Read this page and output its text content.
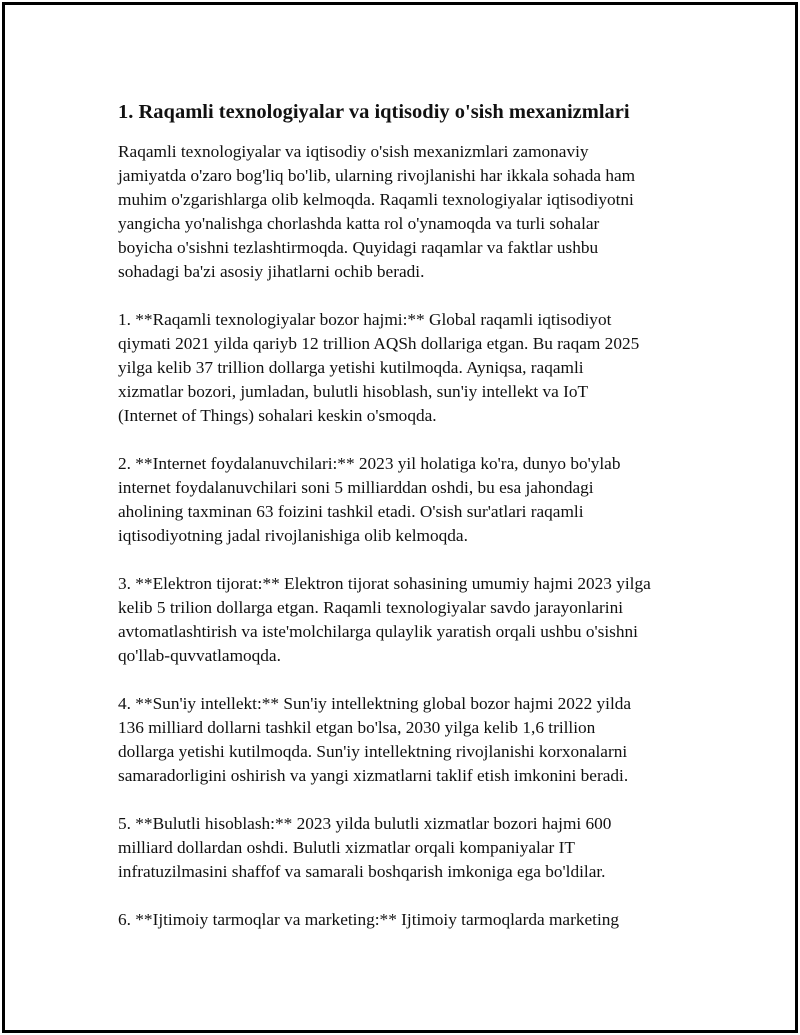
1. Raqamli texnologiyalar va iqtisodiy o'sish mexanizmlari

Raqamli texnologiyalar va iqtisodiy o'sish mexanizmlari zamonaviy
jamiyatda o'zaro bog'liq bo'lib, ularning rivojlanishi har ikkala sohada ham
muhim o'zgarishlarga olib kelmoqda. Raqamli texnologiyalar iqtisodiyotni
yangicha yo'nalishga chorlashda katta rol o'ynamoqda va turli sohalar
boyicha o'sishni tezlashtirmoqda. Quyidagi raqamlar va faktlar ushbu
sohadagi ba'zi asosiy jihatlarni ochib beradi.

1. **Raqamli texnologiyalar bozor hajmi:** Global raqamli iqtisodiyot
qiymati 2021 yilda qariyb 12 trillion AQSh dollariga etgan. Bu raqam 2025
yilga kelib 37 trillion dollarga yetishi kutilmoqda. Ayniqsa, raqamli
xizmatlar bozori, jumladan, bulutli hisoblash, sun'iy intellekt va IoT
(Internet of Things) sohalari keskin o'smoqda.

2. **Internet foydalanuvchilari:** 2023 yil holatiga ko'ra, dunyo bo'ylab
internet foydalanuvchilari soni 5 milliarddan oshdi, bu esa jahondagi
aholining taxminan 63 foizini tashkil etadi. O'sish sur'atlari raqamli
iqtisodiyotning jadal rivojlanishiga olib kelmoqda.

3. **Elektron tijorat:** Elektron tijorat sohasining umumiy hajmi 2023 yilga
kelib 5 trilion dollarga etgan. Raqamli texnologiyalar savdo jarayonlarini
avtomatlashtirish va iste'molchilarga qulaylik yaratish orqali ushbu o'sishni
qo'llab-quvvatlamoqda.

4. **Sun'iy intellekt:** Sun'iy intellektning global bozor hajmi 2022 yilda
136 milliard dollarni tashkil etgan bo'lsa, 2030 yilga kelib 1,6 trillion
dollarga yetishi kutilmoqda. Sun'iy intellektning rivojlanishi korxonalarni
samaradorligini oshirish va yangi xizmatlarni taklif etish imkonini beradi.

5. **Bulutli hisoblash:** 2023 yilda bulutli xizmatlar bozori hajmi 600
milliard dollardan oshdi. Bulutli xizmatlar orqali kompaniyalar IT
infratuzilmasini shaffof va samarali boshqarish imkoniga ega bo'ldilar.

6. **Ijtimoiy tarmoqlar va marketing:** Ijtimoiy tarmoqlarda marketing
